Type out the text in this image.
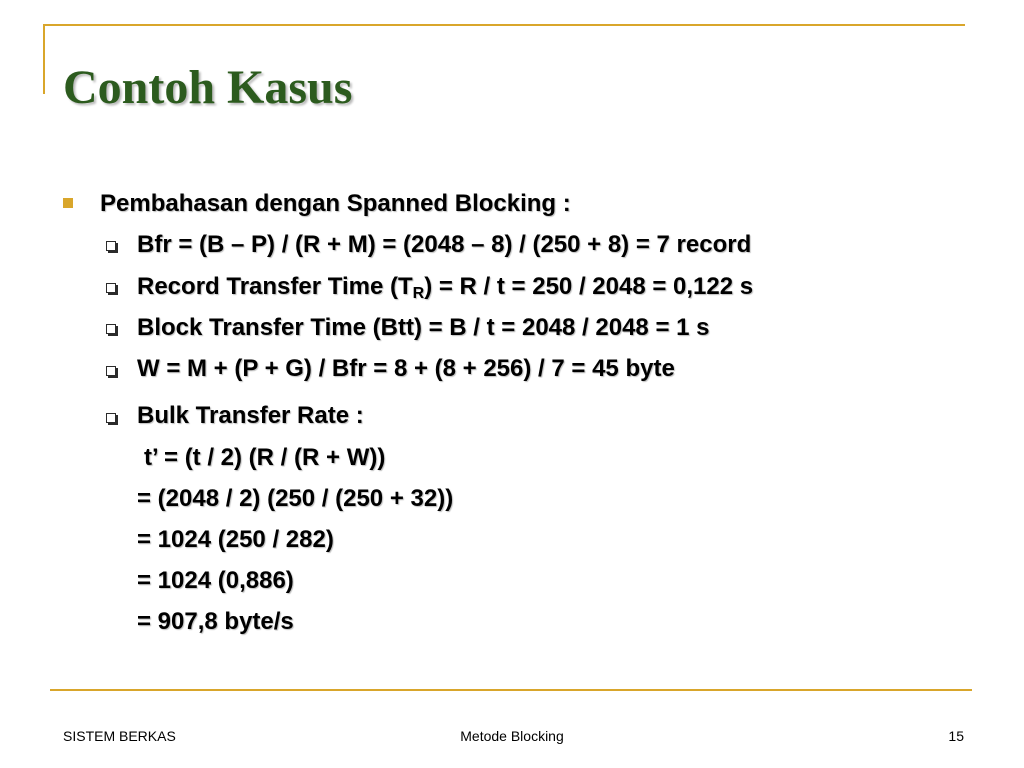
Contoh Kasus
Pembahasan dengan Spanned Blocking :
Bfr = (B – P) / (R + M) = (2048 – 8) / (250 + 8) = 7 record
Record Transfer Time $(T_R) = R / t = 250 / 2048 = 0,122$ s
Block Transfer Time (Btt) = B / t = 2048 / 2048 = 1 s
W = M + (P + G) / Bfr = 8 + (8 + 256) / 7 = 45 byte
Bulk Transfer Rate :
t’ = (t / 2) (R / (R + W))
= (2048 / 2) (250 / (250 + 32))
= 1024 (250 / 282)
= 1024 (0,886)
= 907,8 byte/s
SISTEM BERKAS	Metode Blocking	15
